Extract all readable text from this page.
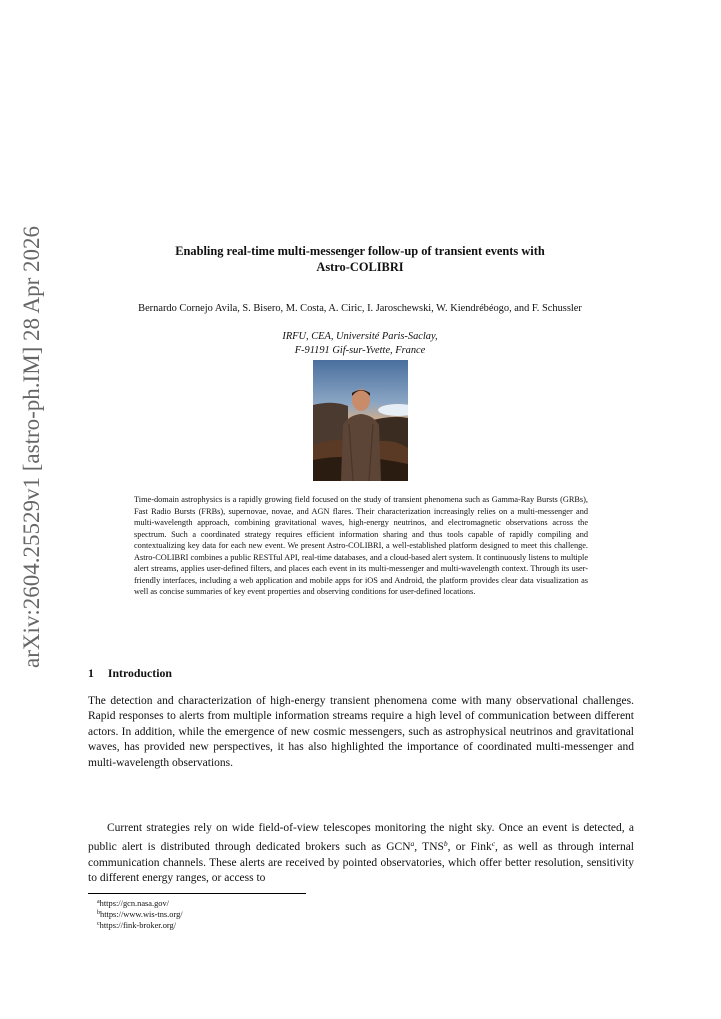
arXiv:2604.25529v1 [astro-ph.IM] 28 Apr 2026	Enabling real-time multi-messenger follow-up of transient events with
Astro-COLIBRI
Bernardo Cornejo Avila, S. Bisero, M. Costa, A. Ciric, I. Jaroschewski, W. Kiendrébéogo, and F. Schussler
IRFU, CEA, Université Paris-Saclay,
F-91191 Gif-sur-Yvette, France
Time-domain astrophysics is a rapidly growing field focused on the study of transient phenomena such as Gamma-Ray Bursts (GRBs), Fast Radio Bursts (FRBs), supernovae, novae, and AGN flares. Their characterization increasingly relies on a multi-messenger and multi-wavelength approach, combining gravitational waves, high-energy neutrinos, and electromagnetic observations across the spectrum. Such a coordinated strategy requires efficient information sharing and thus tools capable of rapidly compiling and contextualizing key data for each new event. We present Astro-COLIBRI, a well-established platform designed to meet this challenge. Astro-COLIBRI combines a public RESTful API, real-time databases, and a cloud-based alert system. It continuously listens to multiple alert streams, applies user-defined filters, and places each event in its multi-messenger and multi-wavelength context. Through its user-friendly interfaces, including a web application and mobile apps for iOS and Android, the platform provides clear data visualization as well as concise summaries of key event properties and observing conditions for user-defined locations.
1 Introduction
The detection and characterization of high-energy transient phenomena come with many observational challenges. Rapid responses to alerts from multiple information streams require a high level of communication between different actors. In addition, while the emergence of new cosmic messengers, such as astrophysical neutrinos and gravitational waves, has provided new perspectives, it has also highlighted the importance of coordinated multi-messenger and multi-wavelength observations.
Current strategies rely on wide field-of-view telescopes monitoring the night sky. Once an event is detected, a public alert is distributed through dedicated brokers such as GCN$^a$, TNS$^b$, or Fink$^c$, as well as through internal communication channels. These alerts are received by pointed observatories, which offer better resolution, sensitivity to different energy ranges, or access to
$^a$https://gcn.nasa.gov/
$^b$https://www.wis-tns.org/
$^c$https://fink-broker.org/
